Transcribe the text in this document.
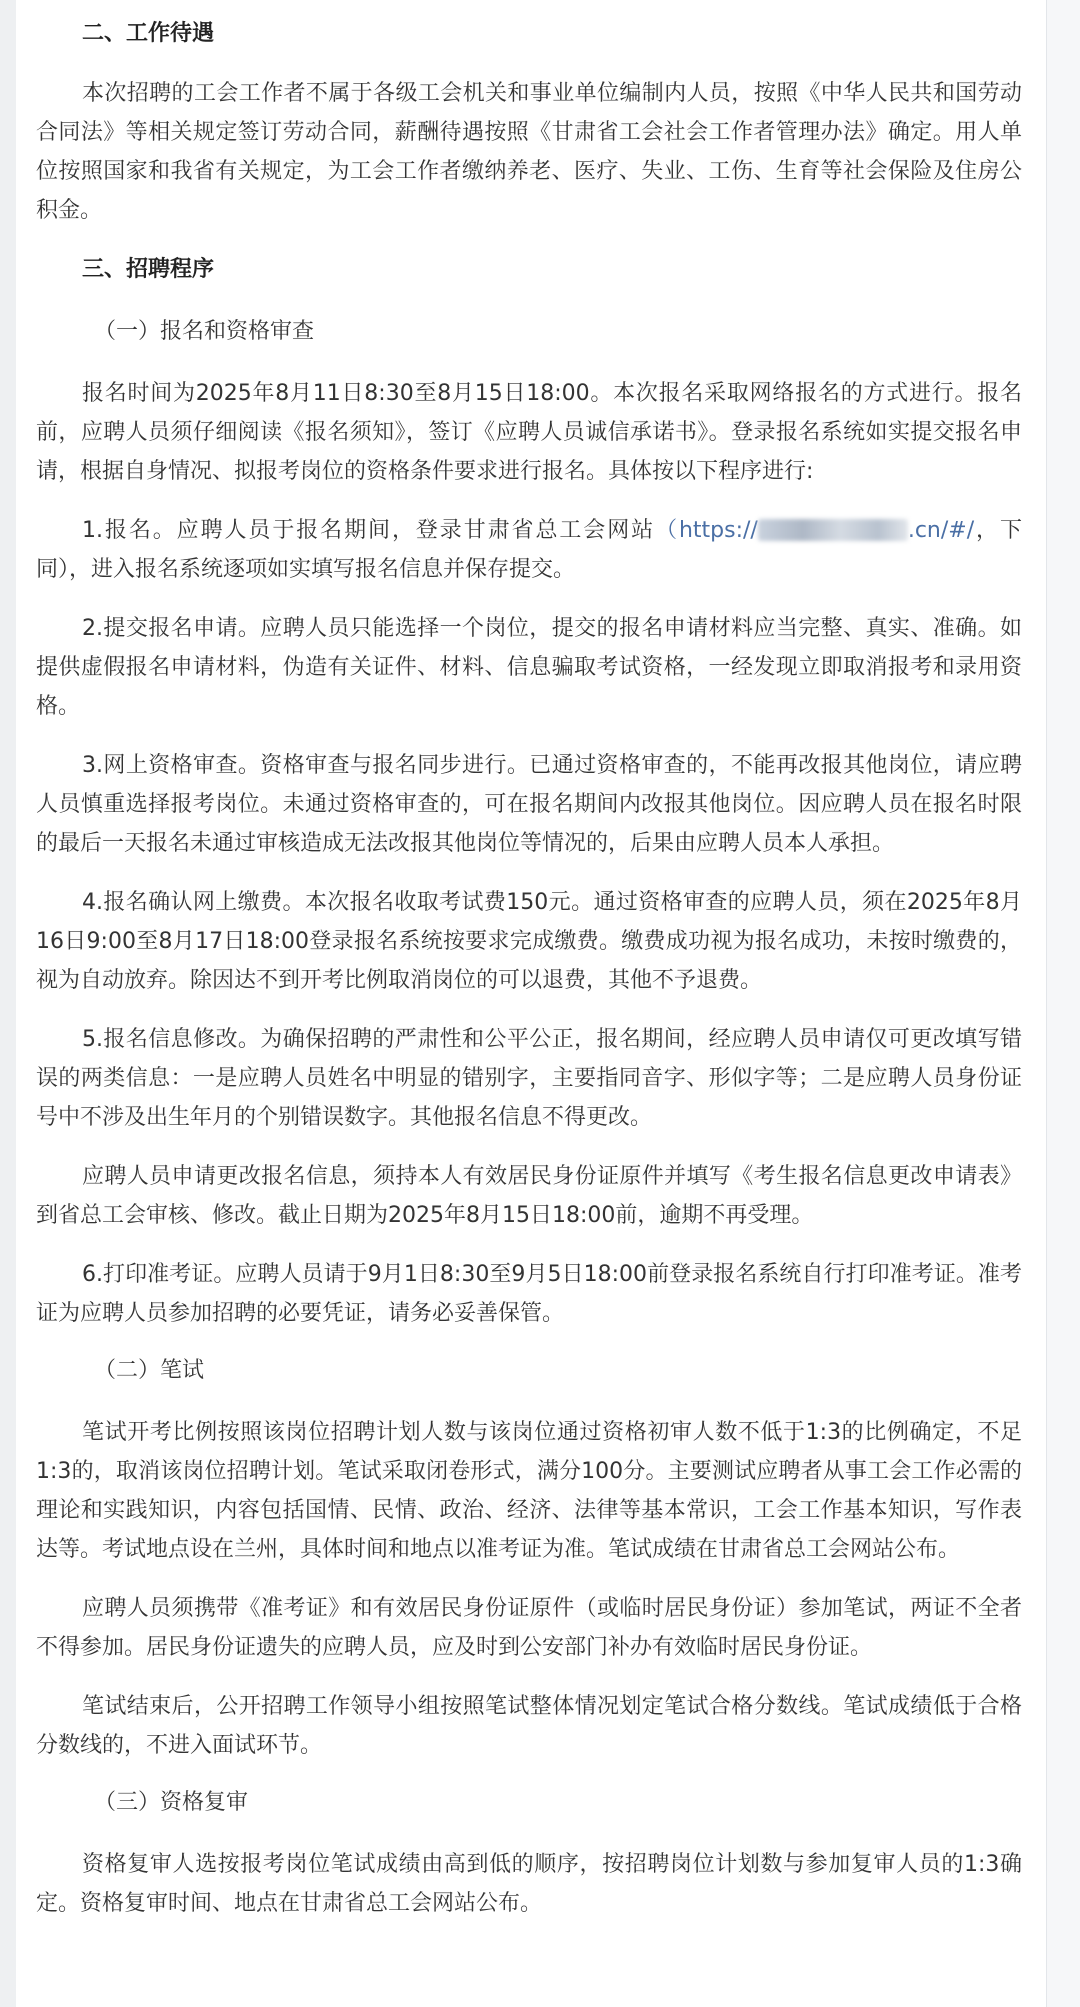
二、工作待遇

本次招聘的工会工作者不属于各级工会机关和事业单位编制内人员，按照《中华人民共和国劳动合同法》等相关规定签订劳动合同，薪酬待遇按照《甘肃省工会社会工作者管理办法》确定。用人单位按照国家和我省有关规定，为工会工作者缴纳养老、医疗、失业、工伤、生育等社会保险及住房公积金。

三、招聘程序
（一）报名和资格审查

报名时间为2025年8月11日8:30至8月15日18:00。本次报名采取网络报名的方式进行。报名前，应聘人员须仔细阅读《报名须知》，签订《应聘人员诚信承诺书》。登录报名系统如实提交报名申请，根据自身情况、拟报考岗位的资格条件要求进行报名。具体按以下程序进行:

1.报名。应聘人员于报名期间，登录甘肃省总工会网站（https://	.cn/#/，下同），进入报名系统逐项如实填写报名信息并保存提交。

2.提交报名申请。应聘人员只能选择一个岗位，提交的报名申请材料应当完整、真实、准确。如提供虚假报名申请材料，伪造有关证件、材料、信息骗取考试资格，一经发现立即取消报考和录用资格。

3.网上资格审查。资格审查与报名同步进行。已通过资格审查的，不能再改报其他岗位，请应聘人员慎重选择报考岗位。未通过资格审查的，可在报名期间内改报其他岗位。因应聘人员在报名时限的最后一天报名未通过审核造成无法改报其他岗位等情况的，后果由应聘人员本人承担。

4.报名确认网上缴费。本次报名收取考试费150元。通过资格审查的应聘人员，须在2025年8月16日9:00至8月17日18:00登录报名系统按要求完成缴费。缴费成功视为报名成功，未按时缴费的，视为自动放弃。除因达不到开考比例取消岗位的可以退费，其他不予退费。

5.报名信息修改。为确保招聘的严肃性和公平公正，报名期间，经应聘人员申请仅可更改填写错误的两类信息：一是应聘人员姓名中明显的错别字，主要指同音字、形似字等；二是应聘人员身份证号中不涉及出生年月的个别错误数字。其他报名信息不得更改。

应聘人员申请更改报名信息，须持本人有效居民身份证原件并填写《考生报名信息更改申请表》到省总工会审核、修改。截止日期为2025年8月15日18:00前，逾期不再受理。

6.打印准考证。应聘人员请于9月1日8:30至9月5日18:00前登录报名系统自行打印准考证。准考证为应聘人员参加招聘的必要凭证，请务必妥善保管。

（二）笔试

笔试开考比例按照该岗位招聘计划人数与该岗位通过资格初审人数不低于1:3的比例确定，不足1:3的，取消该岗位招聘计划。笔试采取闭卷形式，满分100分。主要测试应聘者从事工会工作必需的理论和实践知识，内容包括国情、民情、政治、经济、法律等基本常识，工会工作基本知识，写作表达等。考试地点设在兰州，具体时间和地点以准考证为准。笔试成绩在甘肃省总工会网站公布。

应聘人员须携带《准考证》和有效居民身份证原件（或临时居民身份证）参加笔试，两证不全者不得参加。居民身份证遗失的应聘人员，应及时到公安部门补办有效临时居民身份证。

笔试结束后，公开招聘工作领导小组按照笔试整体情况划定笔试合格分数线。笔试成绩低于合格分数线的，不进入面试环节。

（三）资格复审

资格复审人选按报考岗位笔试成绩由高到低的顺序，按招聘岗位计划数与参加复审人员的1:3确定。资格复审时间、地点在甘肃省总工会网站公布。
